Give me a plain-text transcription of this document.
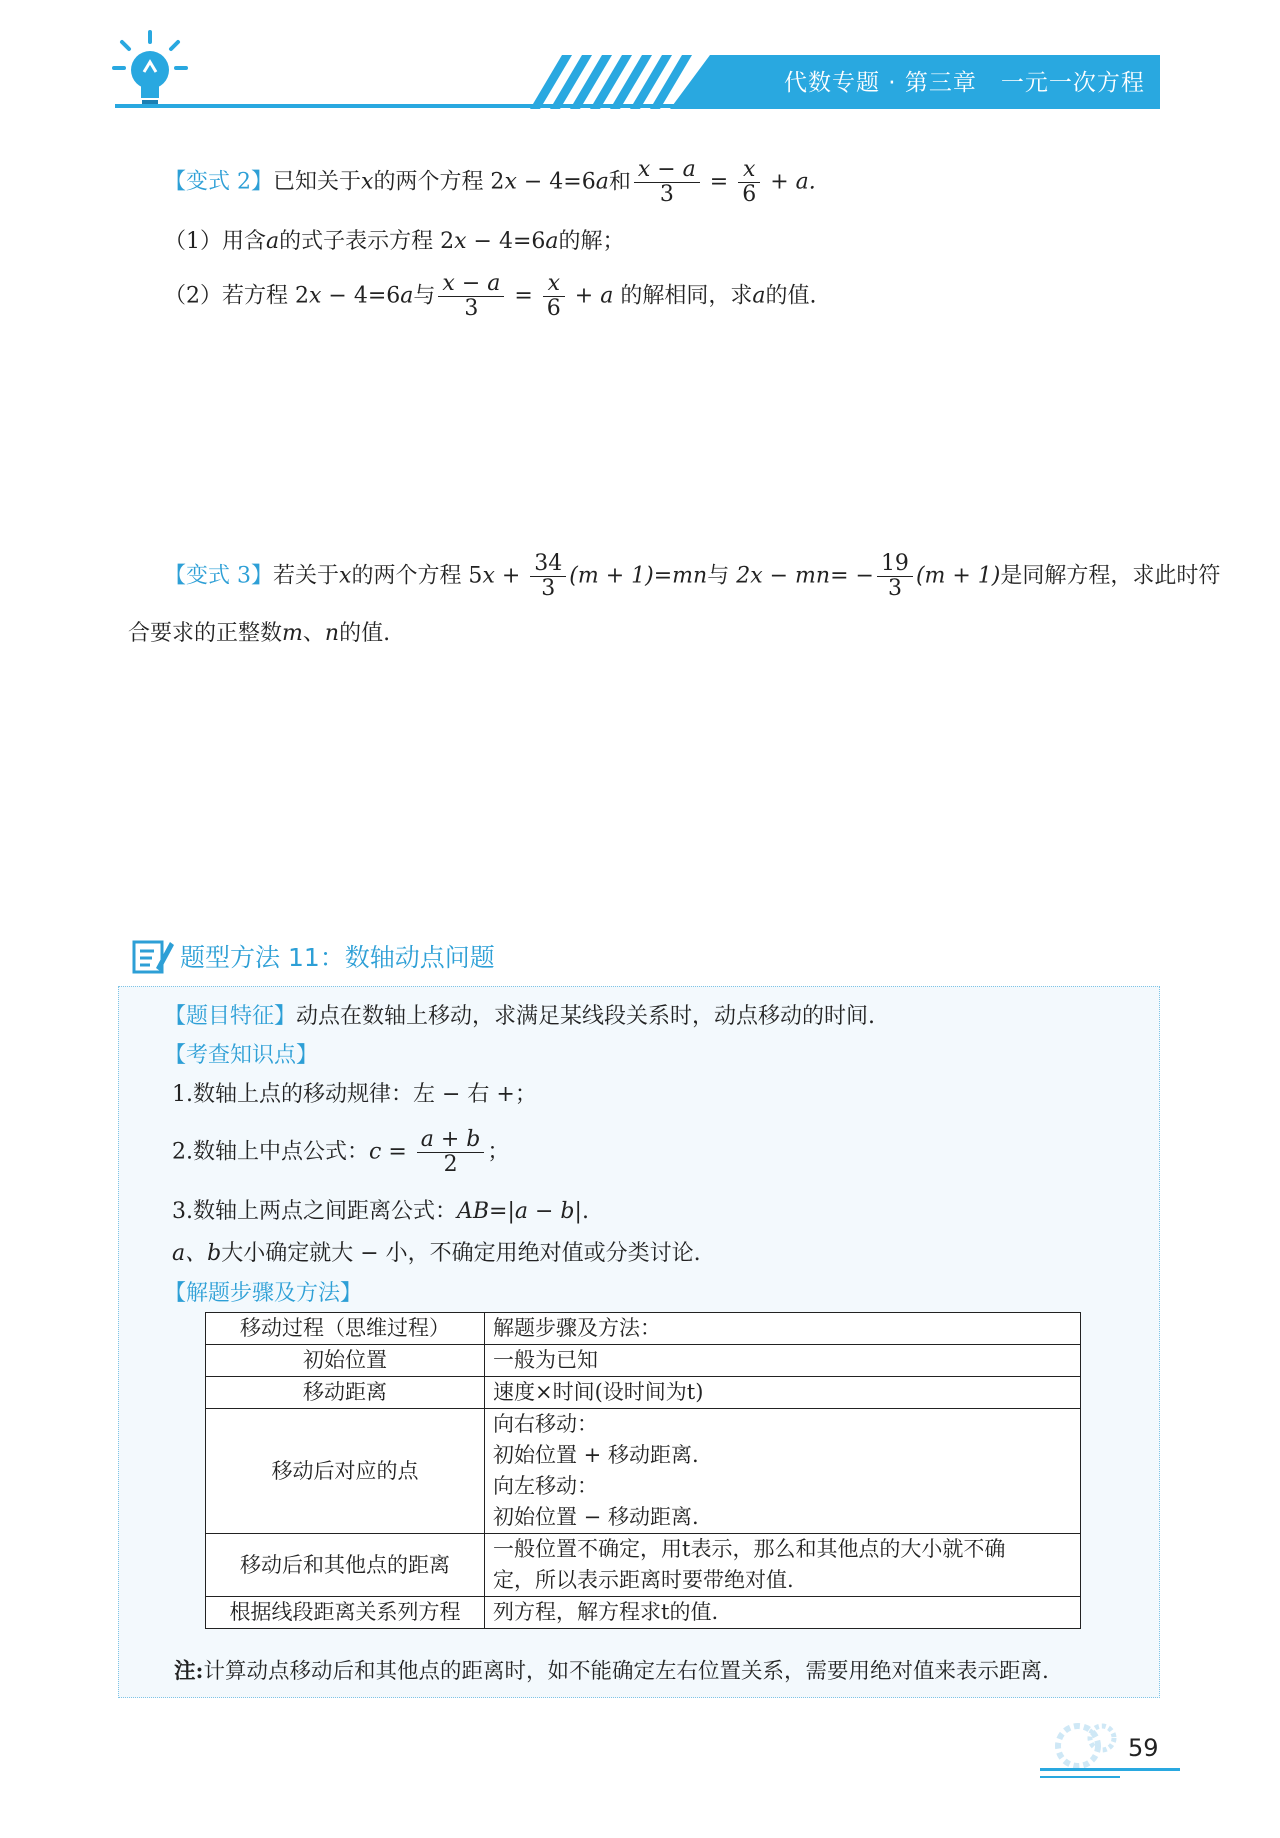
代数专题 · 第三章　一元一次方程
【变式 2】已知关于x的两个方程 2x − 4=6a和 $\frac{x - a}{3} = \frac{x}{6} + a$.
（1）用含a的式子表示方程 2x − 4=6a的解；
（2）若方程 2x − 4=6a与 $\frac{x - a}{3} = \frac{x}{6} + a$ 的解相同，求a的值.
【变式 3】若关于x的两个方程 $5x + \frac{34}{3} (m + 1)=mn$与 $2x - mn= - \frac{19}{3} (m + 1)$是同解方程，求此时符
合要求的正整数m、n的值.
题型方法 11：数轴动点问题
【题目特征】动点在数轴上移动，求满足某线段关系时，动点移动的时间.
【考查知识点】
1.数轴上点的移动规律：左 − 右 +；
2.数轴上中点公式：$c = \frac{a + b}{2}$ ；
3.数轴上两点之间距离公式：AB=|a − b|.
a、b大小确定就大 − 小，不确定用绝对值或分类讨论.
【解题步骤及方法】
移动过程（思维过程）	解题步骤及方法：

初始位置	一般为已知

移动距离	速度×时间(设时间为t)

移动后对应的点	向右移动：
初始位置 + 移动距离.
向左移动：
初始位置 − 移动距离.

移动后和其他点的距离	一般位置不确定，用t表示，那么和其他点的大小就不确
定，所以表示距离时要带绝对值.

根据线段距离关系列方程	列方程，解方程求t的值.
注:计算动点移动后和其他点的距离时，如不能确定左右位置关系，需要用绝对值来表示距离.
59
